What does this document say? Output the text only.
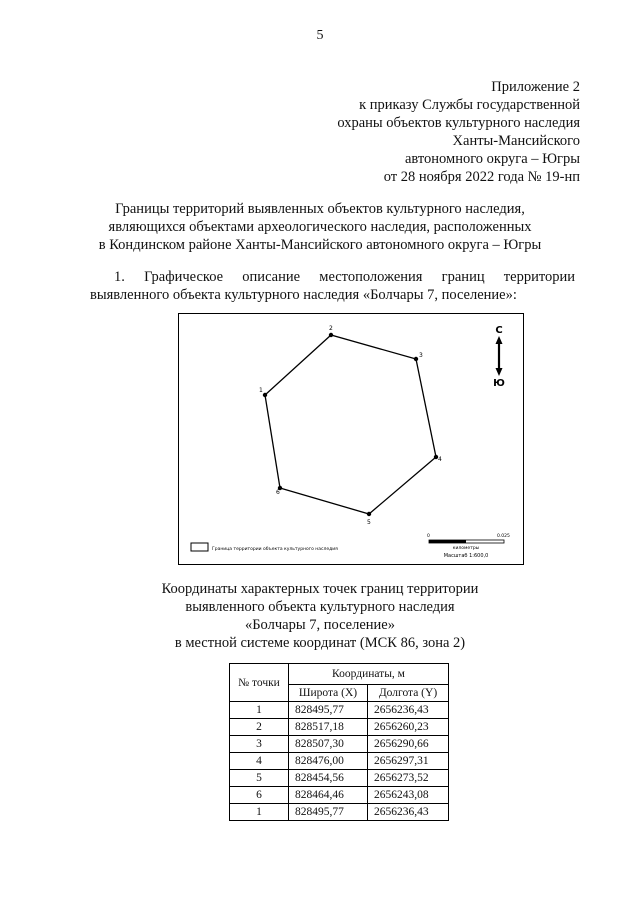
5
Приложение 2
к приказу Службы государственной
охраны объектов культурного наследия
Ханты-Мансийского
автономного округа – Югры
от 28 ноября 2022 года № 19-нп
Границы территорий выявленных объектов культурного наследия,
являющихся объектами археологического наследия, расположенных
в Кондинском районе Ханты-Мансийского автономного округа – Югры
1. Графическое описание местоположения границ территории
выявленного объекта культурного наследия «Болчары 7, поселение»:
1
2
3
4
5
6
С
Ю
Граница территории объекта культурного наследия
0	0.025
километры
Масштаб 1:600,0
Координаты характерных точек границ территории
выявленного объекта культурного наследия
«Болчары 7, поселение»
в местной системе координат (МСК 86, зона 2)
№ точки	Координаты, м	
	Широта (X)	Долгота (Y)
1	828495,77	2656236,43
2	828517,18	2656260,23
3	828507,30	2656290,66
4	828476,00	2656297,31
5	828454,56	2656273,52
6	828464,46	2656243,08
1	828495,77	2656236,43
